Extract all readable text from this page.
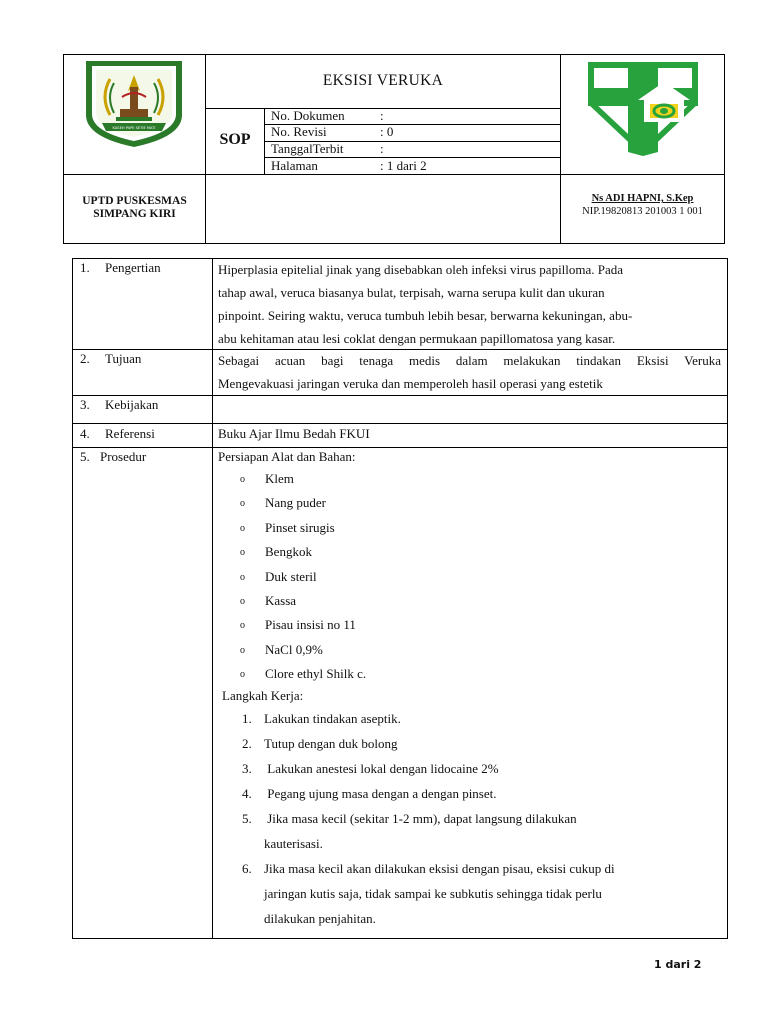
KASEH PAPE SETIE MATI
EKSISI VERUKA
SOP
No. Dokumen	:
No. Revisi	: 0
TanggalTerbit	:
Halaman	: 1 dari 2
UPTD PUSKESMAS
SIMPANG KIRI
Ns ADI HAPNI, S.Kep
NIP.19820813 201003 1 001
1. Pengertian	Hiperplasia epitelial jinak yang disebabkan oleh infeksi virus papilloma. Pada
tahap awal, veruca biasanya bulat, terpisah, warna serupa kulit dan ukuran
pinpoint. Seiring waktu, veruca tumbuh lebih besar, berwarna kekuningan, abu-
abu kehitaman atau lesi coklat dengan permukaan papillomatosa yang kasar.
2. Tujuan	Sebagai acuan bagi tenaga medis dalam melakukan tindakan Eksisi Veruka
Mengevakuasi jaringan veruka dan memperoleh hasil operasi yang estetik
3. Kebijakan
4. Referensi	Buku Ajar Ilmu Bedah FKUI
5. Prosedur	Persiapan Alat dan Bahan:
o Klem
o Nang puder
o Pinset sirugis
o Bengkok
o Duk steril
o Kassa
o Pisau insisi no 11
o NaCl 0,9%
o Clore ethyl Shilk c.
Langkah Kerja:
1. Lakukan tindakan aseptik.
2. Tutup dengan duk bolong
3. Lakukan anestesi lokal dengan lidocaine 2%
4. Pegang ujung masa dengan a dengan pinset.
5. Jika masa kecil (sekitar 1-2 mm), dapat langsung dilakukan
kauterisasi.
6. Jika masa kecil akan dilakukan eksisi dengan pisau, eksisi cukup di
jaringan kutis saja, tidak sampai ke subkutis sehingga tidak perlu
dilakukan penjahitan.
1 dari 2
